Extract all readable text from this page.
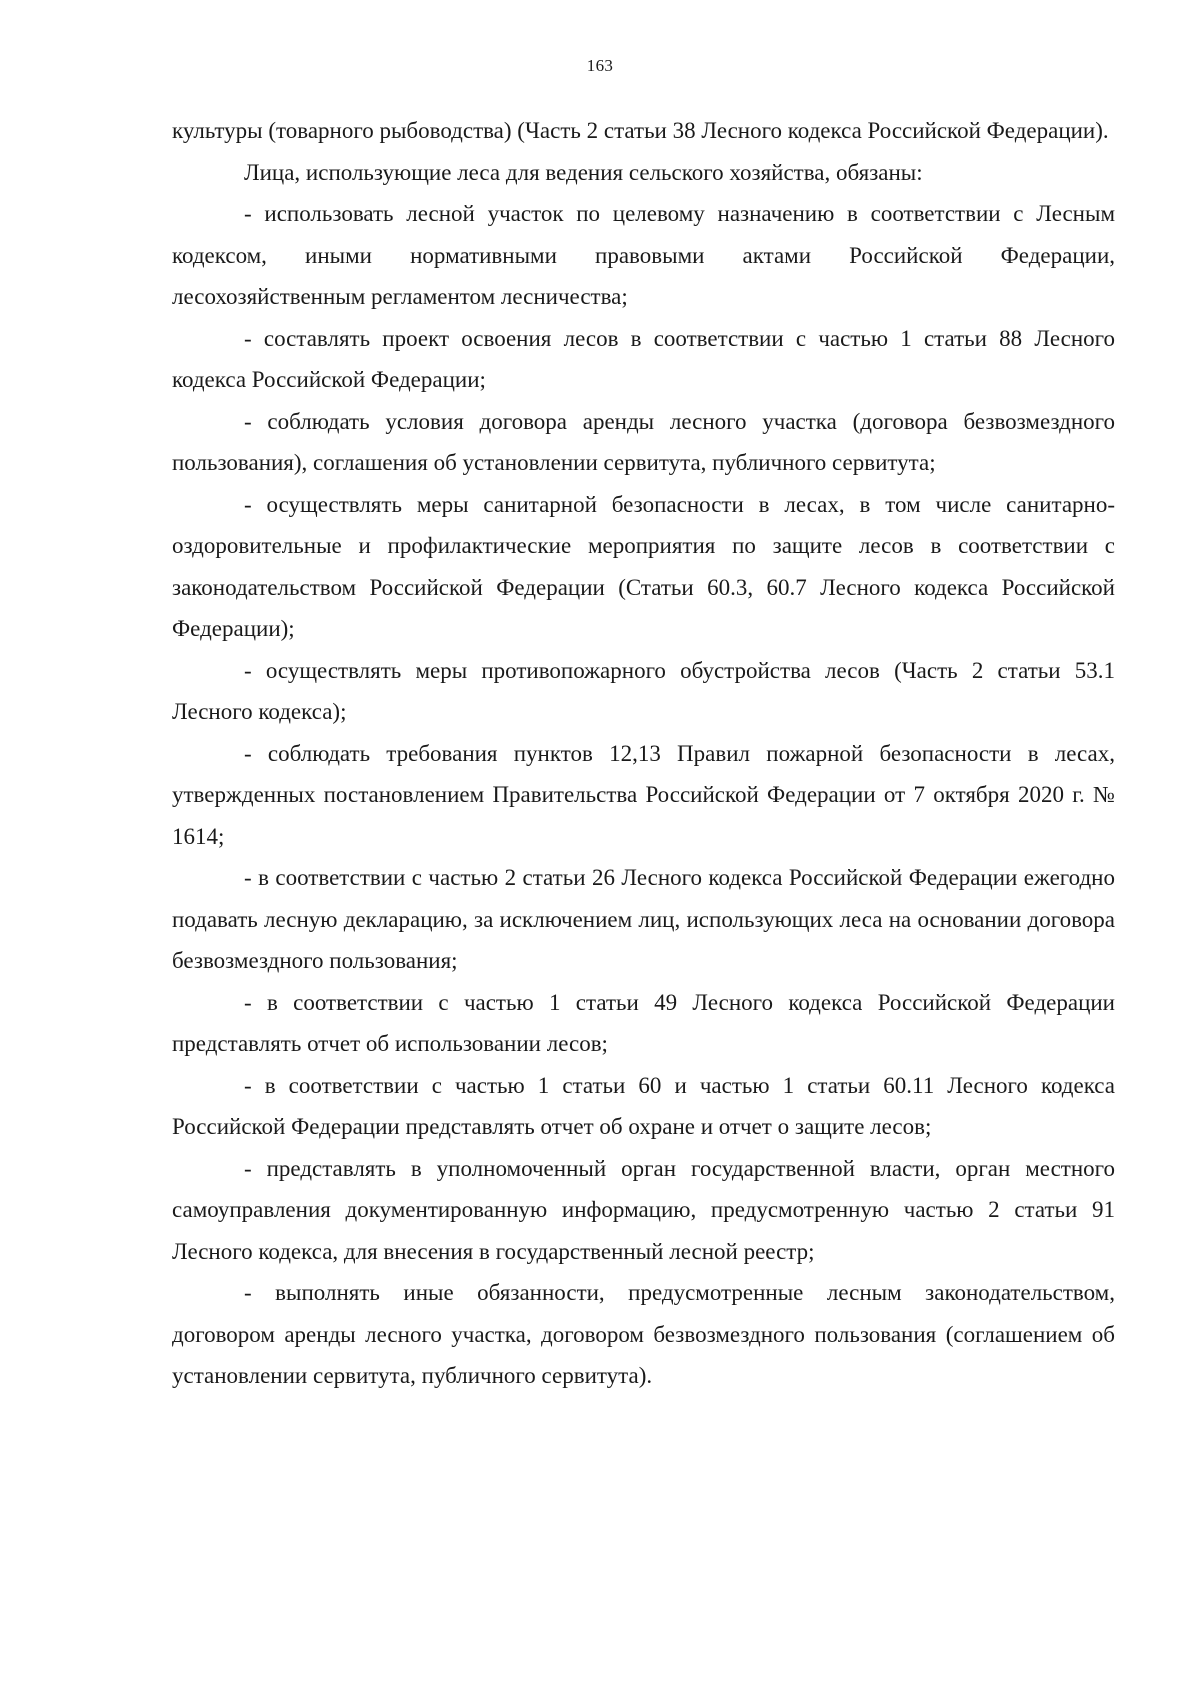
163

культуры (товарного рыбоводства) (Часть 2 статьи 38 Лесного кодекса Российской Федерации).

Лица, использующие леса для ведения сельского хозяйства, обязаны:

- использовать лесной участок по целевому назначению в соответствии с Лесным кодексом, иными нормативными правовыми актами Российской Федерации, лесохозяйственным регламентом лесничества;

- составлять проект освоения лесов в соответствии с частью 1 статьи 88 Лесного кодекса Российской Федерации;

- соблюдать условия договора аренды лесного участка (договора безвозмездного пользования), соглашения об установлении сервитута, публичного сервитута;

- осуществлять меры санитарной безопасности в лесах, в том числе санитарно-оздоровительные и профилактические мероприятия по защите лесов в соответствии с законодательством Российской Федерации (Статьи 60.3, 60.7 Лесного кодекса Российской Федерации);

- осуществлять меры противопожарного обустройства лесов (Часть 2 статьи 53.1 Лесного кодекса);

- соблюдать требования пунктов 12,13 Правил пожарной безопасности в лесах, утвержденных постановлением Правительства Российской Федерации от 7 октября 2020 г. № 1614;

- в соответствии с частью 2 статьи 26 Лесного кодекса Российской Федерации ежегодно подавать лесную декларацию, за исключением лиц, использующих леса на основании договора безвозмездного пользования;

- в соответствии с частью 1 статьи 49 Лесного кодекса Российской Федерации представлять отчет об использовании лесов;

- в соответствии с частью 1 статьи 60 и частью 1 статьи 60.11 Лесного кодекса Российской Федерации представлять отчет об охране и отчет о защите лесов;

- представлять в уполномоченный орган государственной власти, орган местного самоуправления документированную информацию, предусмотренную частью 2 статьи 91 Лесного кодекса, для внесения в государственный лесной реестр;

- выполнять иные обязанности, предусмотренные лесным законодательством, договором аренды лесного участка, договором безвозмездного пользования (соглашением об установлении сервитута, публичного сервитута).
